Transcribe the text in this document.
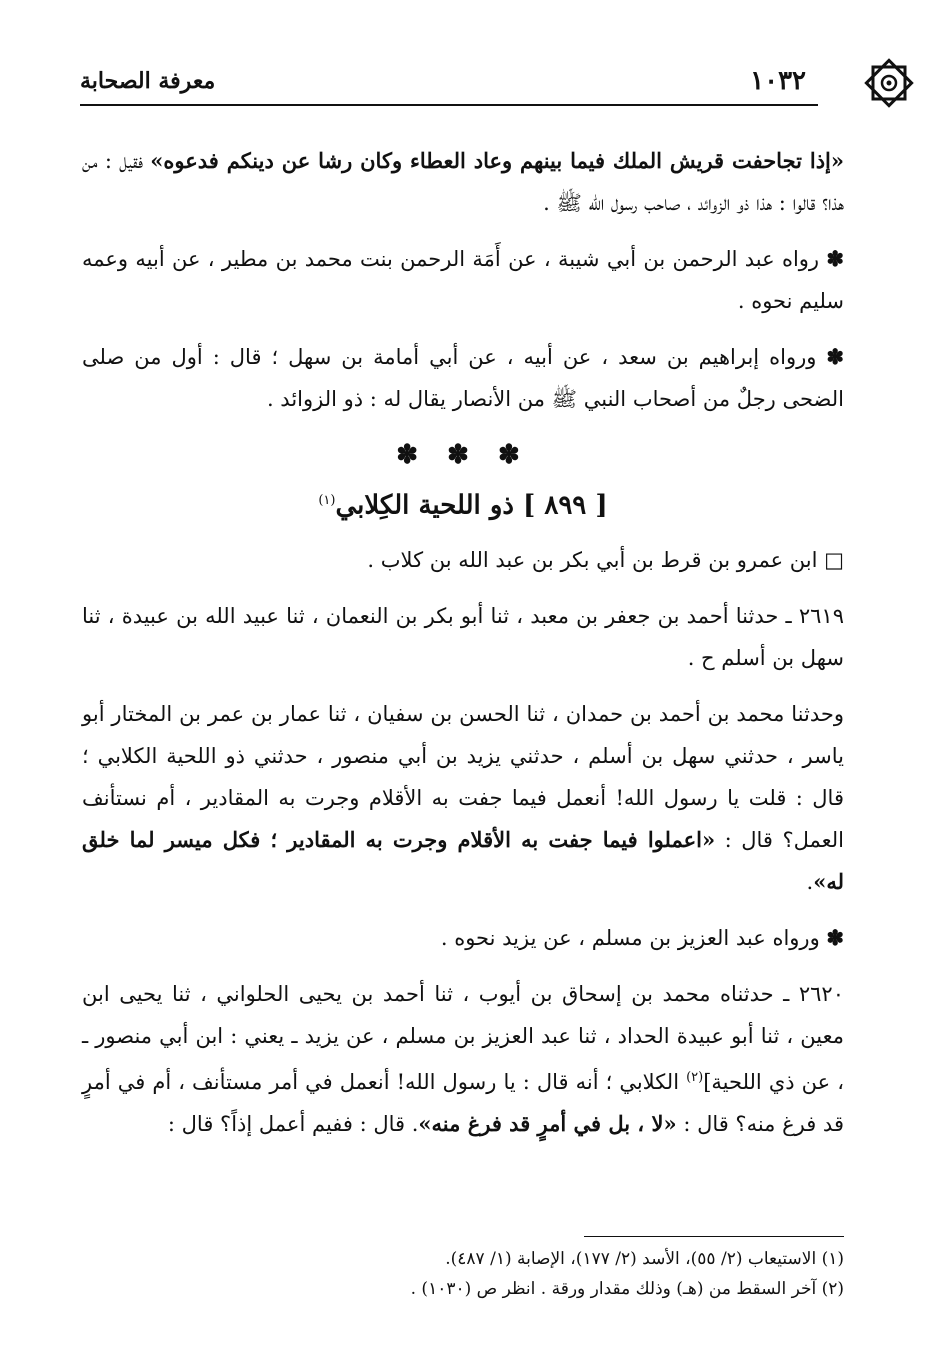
معرفة الصحابة	١٠٣٢

«إذا تجاحفت قريش الملك فيما بينهم وعاد العطاء وكان رشا عن دينكم فدعوه» فقيل : من هذا؟ قالوا : هذا ذو الزوائد ، صاحب رسول الله ﷺ .

✽ رواه عبد الرحمن بن أبي شيبة ، عن أَمَة الرحمن بنت محمد بن مطير ، عن أبيه وعمه سليم نحوه .

✽ ورواه إبراهيم بن سعد ، عن أبيه ، عن أبي أمامة بن سهل ؛ قال : أول من صلى الضحى رجلٌ من أصحاب النبي ﷺ من الأنصار يقال له : ذو الزوائد .

✽ ✽ ✽
[ ٨٩٩ ] ذو اللحية الكِلابي$^{(١)}$

□ ابن عمرو بن قرط بن أبي بكر بن عبد الله بن كلاب .

٢٦١٩ ـ حدثنا أحمد بن جعفر بن معبد ، ثنا أبو بكر بن النعمان ، ثنا عبيد الله بن عبيدة ، ثنا سهل بن أسلم ح .

وحدثنا محمد بن أحمد بن حمدان ، ثنا الحسن بن سفيان ، ثنا عمار بن عمر بن المختار أبو ياسر ، حدثني سهل بن أسلم ، حدثني يزيد بن أبي منصور ، حدثني ذو اللحية الكلابي ؛ قال : قلت يا رسول الله! أنعمل فيما جفت به الأقلام وجرت به المقادير ، أم نستأنف العمل؟ قال : «اعملوا فيما جفت به الأقلام وجرت به المقادير ؛ فكل ميسر لما خلق له».

✽ ورواه عبد العزيز بن مسلم ، عن يزيد نحوه .

٢٦٢٠ ـ حدثناه محمد بن إسحاق بن أيوب ، ثنا أحمد بن يحيى الحلواني ، ثنا يحيى ابن معين ، ثنا أبو عبيدة الحداد ، ثنا عبد العزيز بن مسلم ، عن يزيد ـ يعني : ابن أبي منصور ـ ، عن ذي اللحية]$^{(٢)}$ الكلابي ؛ أنه قال : يا رسول الله! أنعمل في أمر مستأنف ، أم في أمرٍ قد فرغ منه؟ قال : «لا ، بل في أمرٍ قد فرغ منه». قال : ففيم أعمل إذاً؟ قال :

(١) الاستيعاب (٢/ ٥٥)، الأسد (٢/ ١٧٧)، الإصابة (١/ ٤٨٧).

(٢) آخر السقط من (هـ) وذلك مقدار ورقة . انظر ص (١٠٣٠) .
